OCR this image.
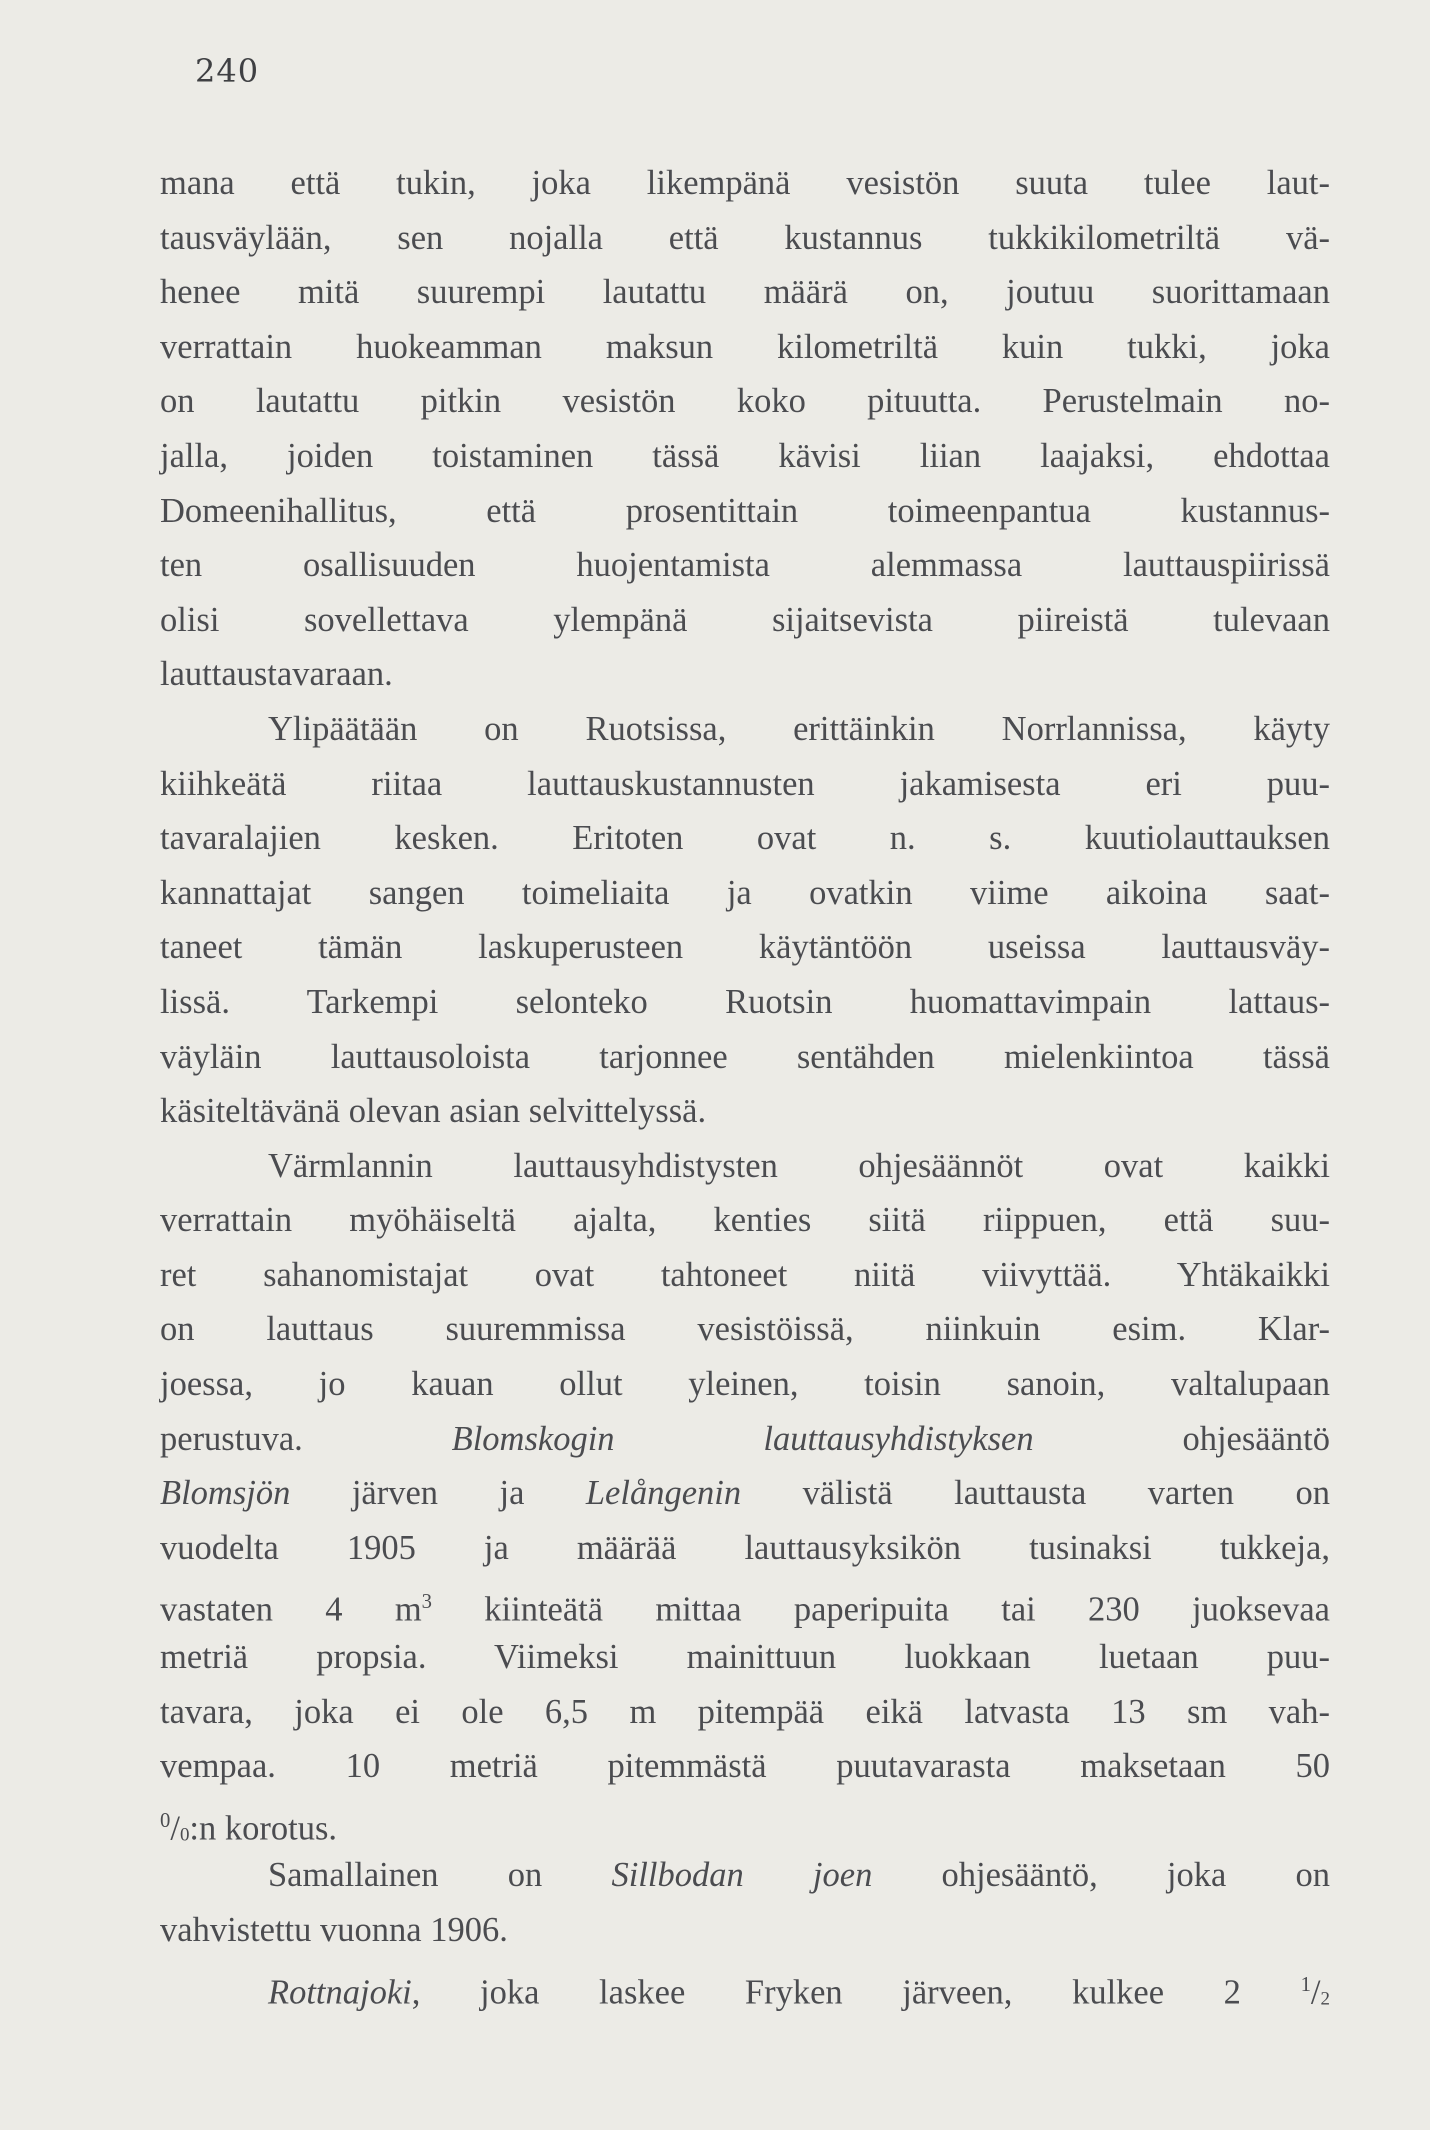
240
mana että tukin, joka likempänä vesistön suuta tulee laut-
tausväylään, sen nojalla että kustannus tukkikilometriltä vä-
henee mitä suurempi lautattu määrä on, joutuu suorittamaan
verrattain huokeamman maksun kilometriltä kuin tukki, joka
on lautattu pitkin vesistön koko pituutta. Perustelmain no-
jalla, joiden toistaminen tässä kävisi liian laajaksi, ehdottaa
Domeenihallitus, että prosentittain toimeenpantua kustannus-
ten osallisuuden huojentamista alemmassa lauttauspiirissä
olisi sovellettava ylempänä sijaitsevista piireistä tulevaan
lauttaustavaraan.
Ylipäätään on Ruotsissa, erittäinkin Norrlannissa, käyty
kiihkeätä riitaa lauttauskustannusten jakamisesta eri puu-
tavaralajien kesken. Eritoten ovat n. s. kuutiolauttauksen
kannattajat sangen toimeliaita ja ovatkin viime aikoina saat-
taneet tämän laskuperusteen käytäntöön useissa lauttausväy-
lissä. Tarkempi selonteko Ruotsin huomattavimpain lattaus-
väyläin lauttausoloista tarjonnee sentähden mielenkiintoa tässä
käsiteltävänä olevan asian selvittelyssä.
Värmlannin lauttausyhdistysten ohjesäännöt ovat kaikki
verrattain myöhäiseltä ajalta, kenties siitä riippuen, että suu-
ret sahanomistajat ovat tahtoneet niitä viivyttää. Yhtäkaikki
on lauttaus suuremmissa vesistöissä, niinkuin esim. Klar-
joessa, jo kauan ollut yleinen, toisin sanoin, valtalupaan
perustuva. Blomskogin lauttausyhdistyksen ohjesääntö
Blomsjön järven ja Lelångenin välistä lauttausta varten on
vuodelta 1905 ja määrää lauttausyksikön tusinaksi tukkeja,
vastaten 4 $m^3$ kiinteätä mittaa paperipuita tai 230 juoksevaa
metriä propsia. Viimeksi mainittuun luokkaan luetaan puu-
tavara, joka ei ole 6,5 m pitempää eikä latvasta 13 sm vah-
vempaa. 10 metriä pitemmästä puutavarasta maksetaan 50
$^0$/0:n korotus.
Samallainen on Sillbodan joen ohjesääntö, joka on
vahvistettu vuonna 1906.
Rottnajoki, joka laskee Fryken järveen, kulkee 2 $^1$/2
